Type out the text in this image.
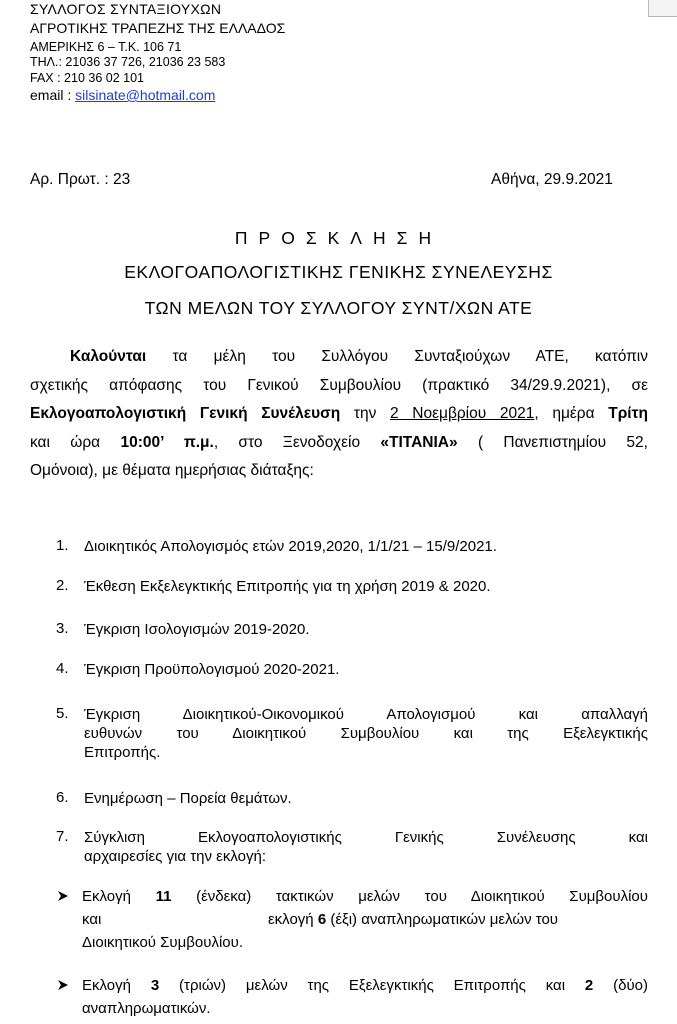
ΣΥΛΛΟΓΟΣ ΣΥΝΤΑΞΙΟΥΧΩΝ
ΑΓΡΟΤΙΚΗΣ ΤΡΑΠΕΖΗΣ ΤΗΣ ΕΛΛΑΔΟΣ
ΑΜΕΡΙΚΗΣ 6 – Τ.Κ. 106 71
ΤΗΛ.: 21036 37 726, 21036 23 583
FAX : 210 36 02 101
email : silsinate@hotmail.com
Αρ. Πρωτ. : 23	Αθήνα, 29.9.2021
ΠΡΟΣΚΛΗΣΗ
ΕΚΛΟΓΟΑΠΟΛΟΓΙΣΤΙΚΗΣ ΓΕΝΙΚΗΣ ΣΥΝΕΛΕΥΣΗΣ
ΤΩΝ ΜΕΛΩΝ ΤΟΥ ΣΥΛΛΟΓΟΥ ΣΥΝΤ/ΧΩΝ ΑΤΕ
Καλούνται τα μέλη του Συλλόγου Συνταξιούχων ΑΤΕ, κατόπιν
σχετικής απόφασης του Γενικού Συμβουλίου (πρακτικό 34/29.9.2021), σε
Εκλογοαπολογιστική Γενική Συνέλευση την 2 Νοεμβρίου 2021, ημέρα Τρίτη
και ώρα 10:00’ π.μ., στο Ξενοδοχείο «ΤΙΤΑΝΙΑ» ( Πανεπιστημίου 52,
Ομόνοια), με θέματα ημερήσιας διάταξης:
1. Διοικητικός Απολογισμός ετών 2019,2020, 1/1/21 – 15/9/2021.
2. Έκθεση Εκξελεγκτικής Επιτροπής για τη χρήση 2019 & 2020.
3. Έγκριση Ισολογισμών 2019-2020.
4. Έγκριση Προϋπολογισμού 2020-2021.
5. Έγκριση Διοικητικού-Οικονομικού Απολογισμού και απαλλαγή
ευθυνών του Διοικητικού Συμβουλίου και της Εξελεγκτικής
Επιτροπής.
6. Ενημέρωση – Πορεία θεμάτων.
7. Σύγκλιση Εκλογοαπολογιστικής Γενικής Συνέλευσης και
αρχαιρεσίες για την εκλογή:
Εκλογή 11 (ένδεκα) τακτικών μελών του Διοικητικού Συμβουλίου
και	εκλογή 6 (έξι) αναπληρωματικών μελών του
Διοικητικού Συμβουλίου.
Εκλογή 3 (τριών) μελών της Εξελεγκτικής Επιτροπής και 2 (δύο)
αναπληρωματικών.
